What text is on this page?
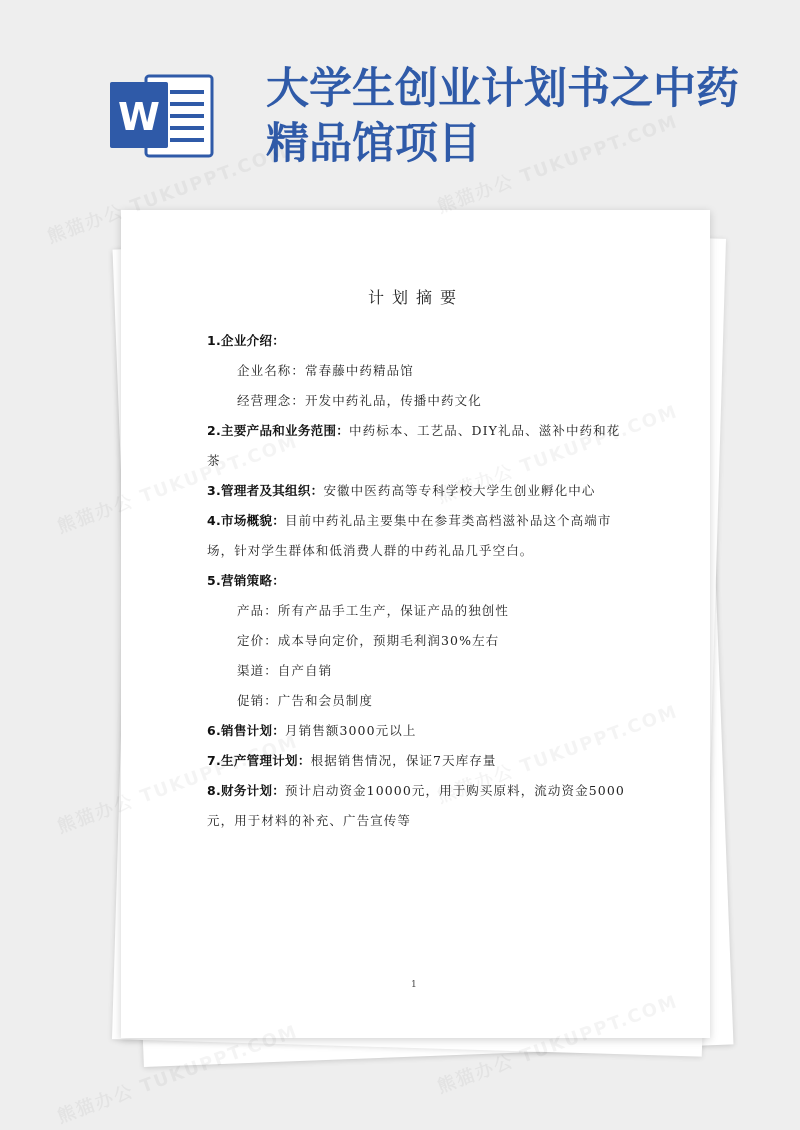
W
大学生创业计划书之中药精品馆项目
计划摘要
1.企业介绍：
企业名称：常春藤中药精品馆
经营理念：开发中药礼品，传播中药文化
2.主要产品和业务范围：中药标本、工艺品、DIY礼品、滋补中药和花茶
3.管理者及其组织：安徽中医药高等专科学校大学生创业孵化中心
4.市场概貌：目前中药礼品主要集中在参茸类高档滋补品这个高端市场，针对学生群体和低消费人群的中药礼品几乎空白。
5.营销策略：
产品：所有产品手工生产，保证产品的独创性
定价：成本导向定价，预期毛利润30%左右
渠道：自产自销
促销：广告和会员制度
6.销售计划：月销售额3000元以上
7.生产管理计划：根据销售情况，保证7天库存量
8.财务计划：预计启动资金10000元，用于购买原料，流动资金5000元，用于材料的补充、广告宣传等
1
